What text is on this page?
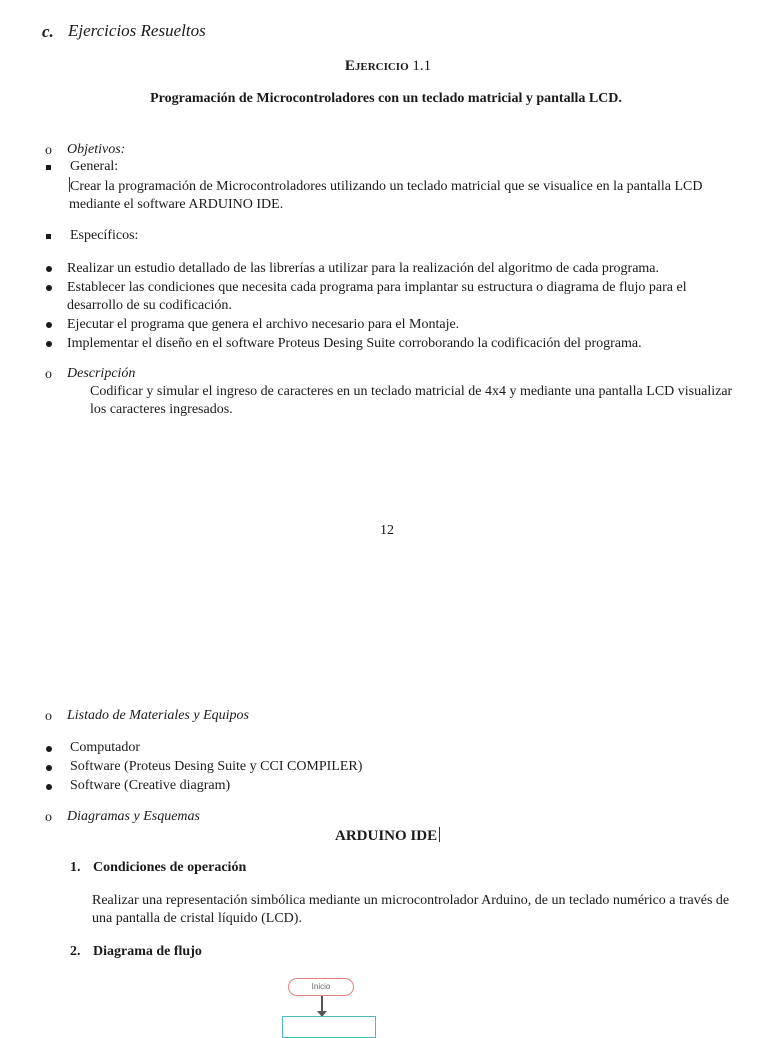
c. Ejercicios Resueltos
EJERCICIO 1.1
Programación de Microcontroladores con un teclado matricial y pantalla LCD.
o Objetivos:
General:
Crear la programación de Microcontroladores utilizando un teclado matricial que se visualice en la pantalla LCD mediante el software ARDUINO IDE.
Específicos:
Realizar un estudio detallado de las librerías a utilizar para la realización del algoritmo de cada programa.
Establecer las condiciones que necesita cada programa para implantar su estructura o diagrama de flujo para el desarrollo de su codificación.
Ejecutar el programa que genera el archivo necesario para el Montaje.
Implementar el diseño en el software Proteus Desing Suite corroborando la codificación del programa.
o Descripción
Codificar y simular el ingreso de caracteres en un teclado matricial de 4x4 y mediante una pantalla LCD visualizar los caracteres ingresados.
12
o Listado de Materiales y Equipos
Computador
Software (Proteus Desing Suite y CCI COMPILER)
Software (Creative diagram)
o Diagramas y Esquemas
ARDUINO IDE
1. Condiciones de operación
Realizar una representación simbólica mediante un microcontrolador Arduino, de un teclado numérico a través de una pantalla de cristal líquido (LCD).
2. Diagrama de flujo
Inicio
